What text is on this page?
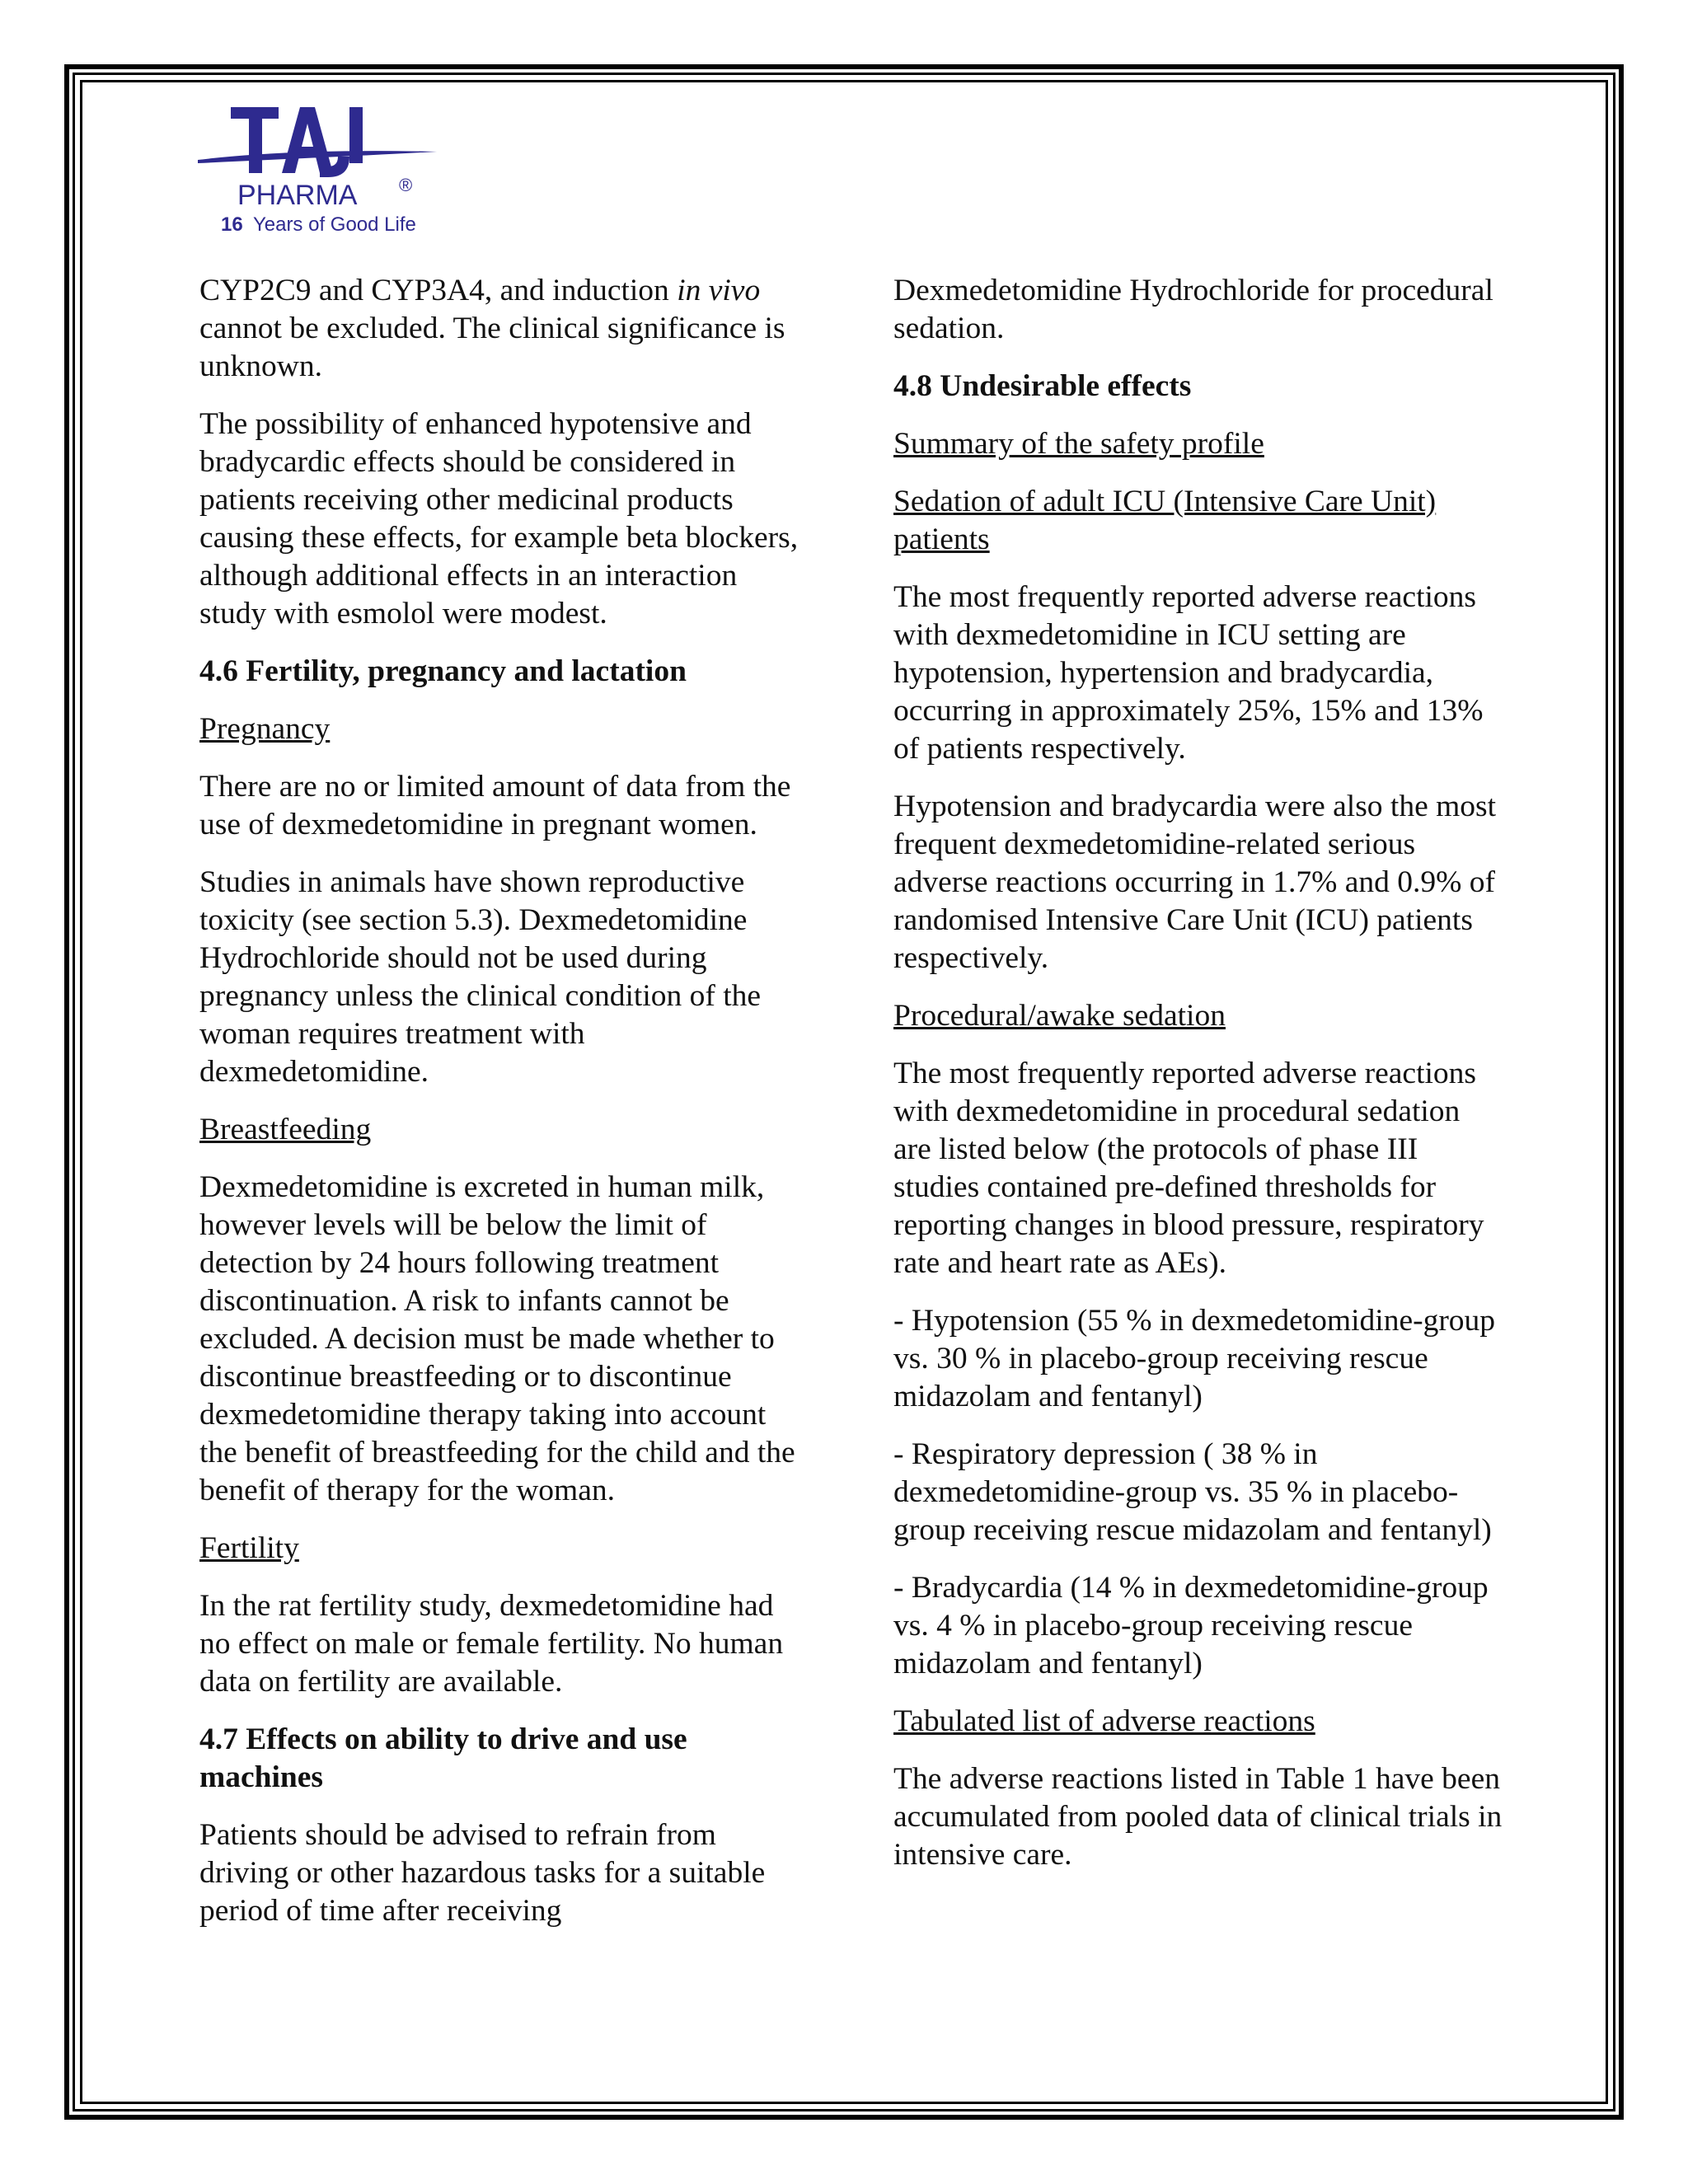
PHARMA ®
16 Years of Good Life

CYP2C9 and CYP3A4, and induction in vivo cannot be excluded. The clinical significance is unknown.

The possibility of enhanced hypotensive and bradycardic effects should be considered in patients receiving other medicinal products causing these effects, for example beta blockers, although additional effects in an interaction study with esmolol were modest.

4.6 Fertility, pregnancy and lactation

Pregnancy

There are no or limited amount of data from the use of dexmedetomidine in pregnant women.

Studies in animals have shown reproductive toxicity (see section 5.3). Dexmedetomidine Hydrochloride should not be used during pregnancy unless the clinical condition of the woman requires treatment with dexmedetomidine.

Breastfeeding

Dexmedetomidine is excreted in human milk, however levels will be below the limit of detection by 24 hours following treatment discontinuation. A risk to infants cannot be excluded. A decision must be made whether to discontinue breastfeeding or to discontinue dexmedetomidine therapy taking into account the benefit of breastfeeding for the child and the benefit of therapy for the woman.

Fertility

In the rat fertility study, dexmedetomidine had no effect on male or female fertility. No human data on fertility are available.

4.7 Effects on ability to drive and use machines

Patients should be advised to refrain from driving or other hazardous tasks for a suitable period of time after receiving

Dexmedetomidine Hydrochloride for procedural sedation.

4.8 Undesirable effects

Summary of the safety profile

Sedation of adult ICU (Intensive Care Unit) patients

The most frequently reported adverse reactions with dexmedetomidine in ICU setting are hypotension, hypertension and bradycardia, occurring in approximately 25%, 15% and 13% of patients respectively.

Hypotension and bradycardia were also the most frequent dexmedetomidine-related serious adverse reactions occurring in 1.7% and 0.9% of randomised Intensive Care Unit (ICU) patients respectively.

Procedural/awake sedation

The most frequently reported adverse reactions with dexmedetomidine in procedural sedation are listed below (the protocols of phase III studies contained pre-defined thresholds for reporting changes in blood pressure, respiratory rate and heart rate as AEs).

- Hypotension (55 % in dexmedetomidine-group vs. 30 % in placebo-group receiving rescue midazolam and fentanyl)

- Respiratory depression ( 38 % in dexmedetomidine-group vs. 35 % in placebo-group receiving rescue midazolam and fentanyl)

- Bradycardia (14 % in dexmedetomidine-group vs. 4 % in placebo-group receiving rescue midazolam and fentanyl)

Tabulated list of adverse reactions

The adverse reactions listed in Table 1 have been accumulated from pooled data of clinical trials in intensive care.
